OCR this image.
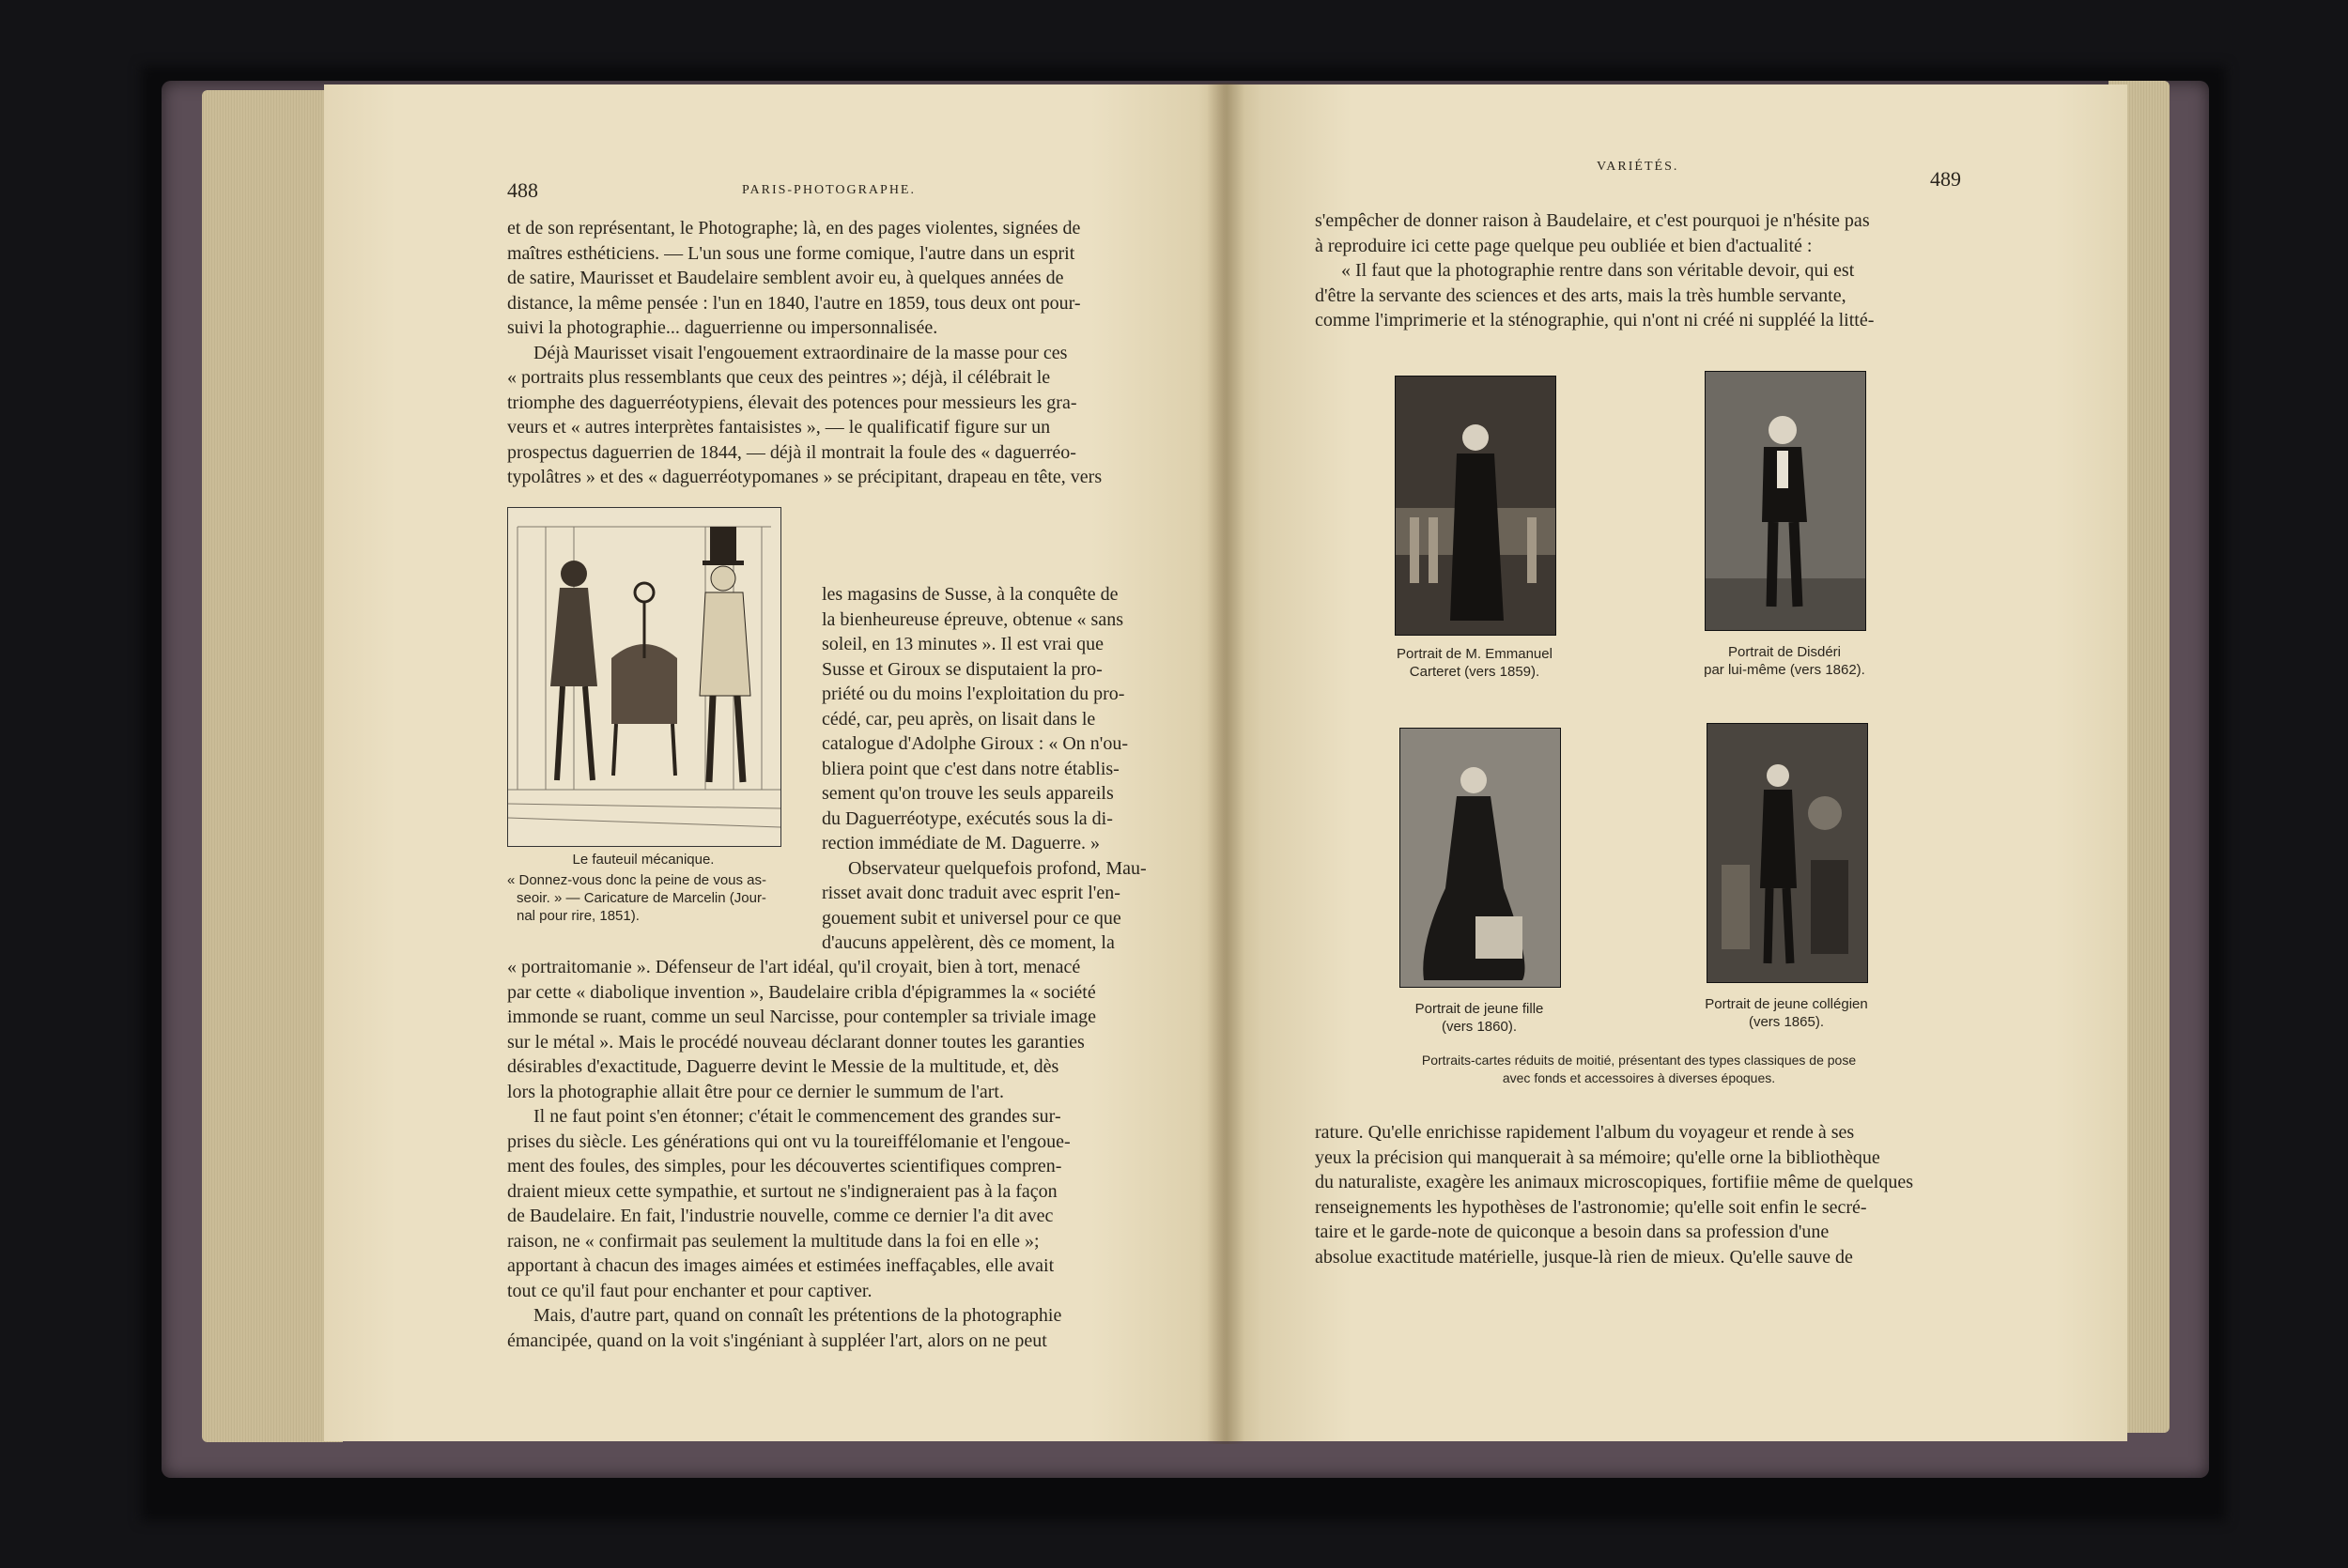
488	PARIS-PHOTOGRAPHE.

et de son représentant, le Photographe; là, en des pages violentes, signées de

maîtres esthéticiens. — L'un sous une forme comique, l'autre dans un esprit

de satire, Maurisset et Baudelaire semblent avoir eu, à quelques années de

distance, la même pensée : l'un en 1840, l'autre en 1859, tous deux ont pour-

suivi la photographie... daguerrienne ou impersonnalisée.

Déjà Maurisset visait l'engouement extraordinaire de la masse pour ces

« portraits plus ressemblants que ceux des peintres »; déjà, il célébrait le

triomphe des daguerréotypiens, élevait des potences pour messieurs les gra-

veurs et « autres interprètes fantaisistes », — le qualificatif figure sur un

prospectus daguerrien de 1844, — déjà il montrait la foule des « daguerréo-

typolâtres » et des « daguerréotypomanes » se précipitant, drapeau en tête, vers

Le fauteuil mécanique.
« Donnez-vous donc la peine de vous as-
seoir. » — Caricature de Marcelin (Jour-
nal pour rire, 1851).

les magasins de Susse, à la conquête de

la bienheureuse épreuve, obtenue « sans

soleil, en 13 minutes ». Il est vrai que

Susse et Giroux se disputaient la pro-

priété ou du moins l'exploitation du pro-

cédé, car, peu après, on lisait dans le

catalogue d'Adolphe Giroux : « On n'ou-

bliera point que c'est dans notre établis-

sement qu'on trouve les seuls appareils

du Daguerréotype, exécutés sous la di-

rection immédiate de M. Daguerre. »

Observateur quelquefois profond, Mau-

risset avait donc traduit avec esprit l'en-

gouement subit et universel pour ce que

d'aucuns appelèrent, dès ce moment, la

« portraitomanie ». Défenseur de l'art idéal, qu'il croyait, bien à tort, menacé

par cette « diabolique invention », Baudelaire cribla d'épigrammes la « société

immonde se ruant, comme un seul Narcisse, pour contempler sa triviale image

sur le métal ». Mais le procédé nouveau déclarant donner toutes les garanties

désirables d'exactitude, Daguerre devint le Messie de la multitude, et, dès

lors la photographie allait être pour ce dernier le summum de l'art.

Il ne faut point s'en étonner; c'était le commencement des grandes sur-

prises du siècle. Les générations qui ont vu la toureiffélomanie et l'engoue-

ment des foules, des simples, pour les découvertes scientifiques compren-

draient mieux cette sympathie, et surtout ne s'indigneraient pas à la façon

de Baudelaire. En fait, l'industrie nouvelle, comme ce dernier l'a dit avec

raison, ne « confirmait pas seulement la multitude dans la foi en elle »;

apportant à chacun des images aimées et estimées ineffaçables, elle avait

tout ce qu'il faut pour enchanter et pour captiver.

Mais, d'autre part, quand on connaît les prétentions de la photographie

émancipée, quand on la voit s'ingéniant à suppléer l'art, alors on ne peut

VARIÉTÉS.
489

s'empêcher de donner raison à Baudelaire, et c'est pourquoi je n'hésite pas

à reproduire ici cette page quelque peu oubliée et bien d'actualité :

« Il faut que la photographie rentre dans son véritable devoir, qui est

d'être la servante des sciences et des arts, mais la très humble servante,

comme l'imprimerie et la sténographie, qui n'ont ni créé ni suppléé la litté-

Portrait de M. Emmanuel
Carteret (vers 1859).
Portrait de Disdéri
par lui-même (vers 1862).
Portrait de jeune fille
(vers 1860).
Portrait de jeune collégien
(vers 1865).
Portraits-cartes réduits de moitié, présentant des types classiques de pose
avec fonds et accessoires à diverses époques.

rature. Qu'elle enrichisse rapidement l'album du voyageur et rende à ses

yeux la précision qui manquerait à sa mémoire; qu'elle orne la bibliothèque

du naturaliste, exagère les animaux microscopiques, fortifiie même de quelques

renseignements les hypothèses de l'astronomie; qu'elle soit enfin le secré-

taire et le garde-note de quiconque a besoin dans sa profession d'une

absolue exactitude matérielle, jusque-là rien de mieux. Qu'elle sauve de
